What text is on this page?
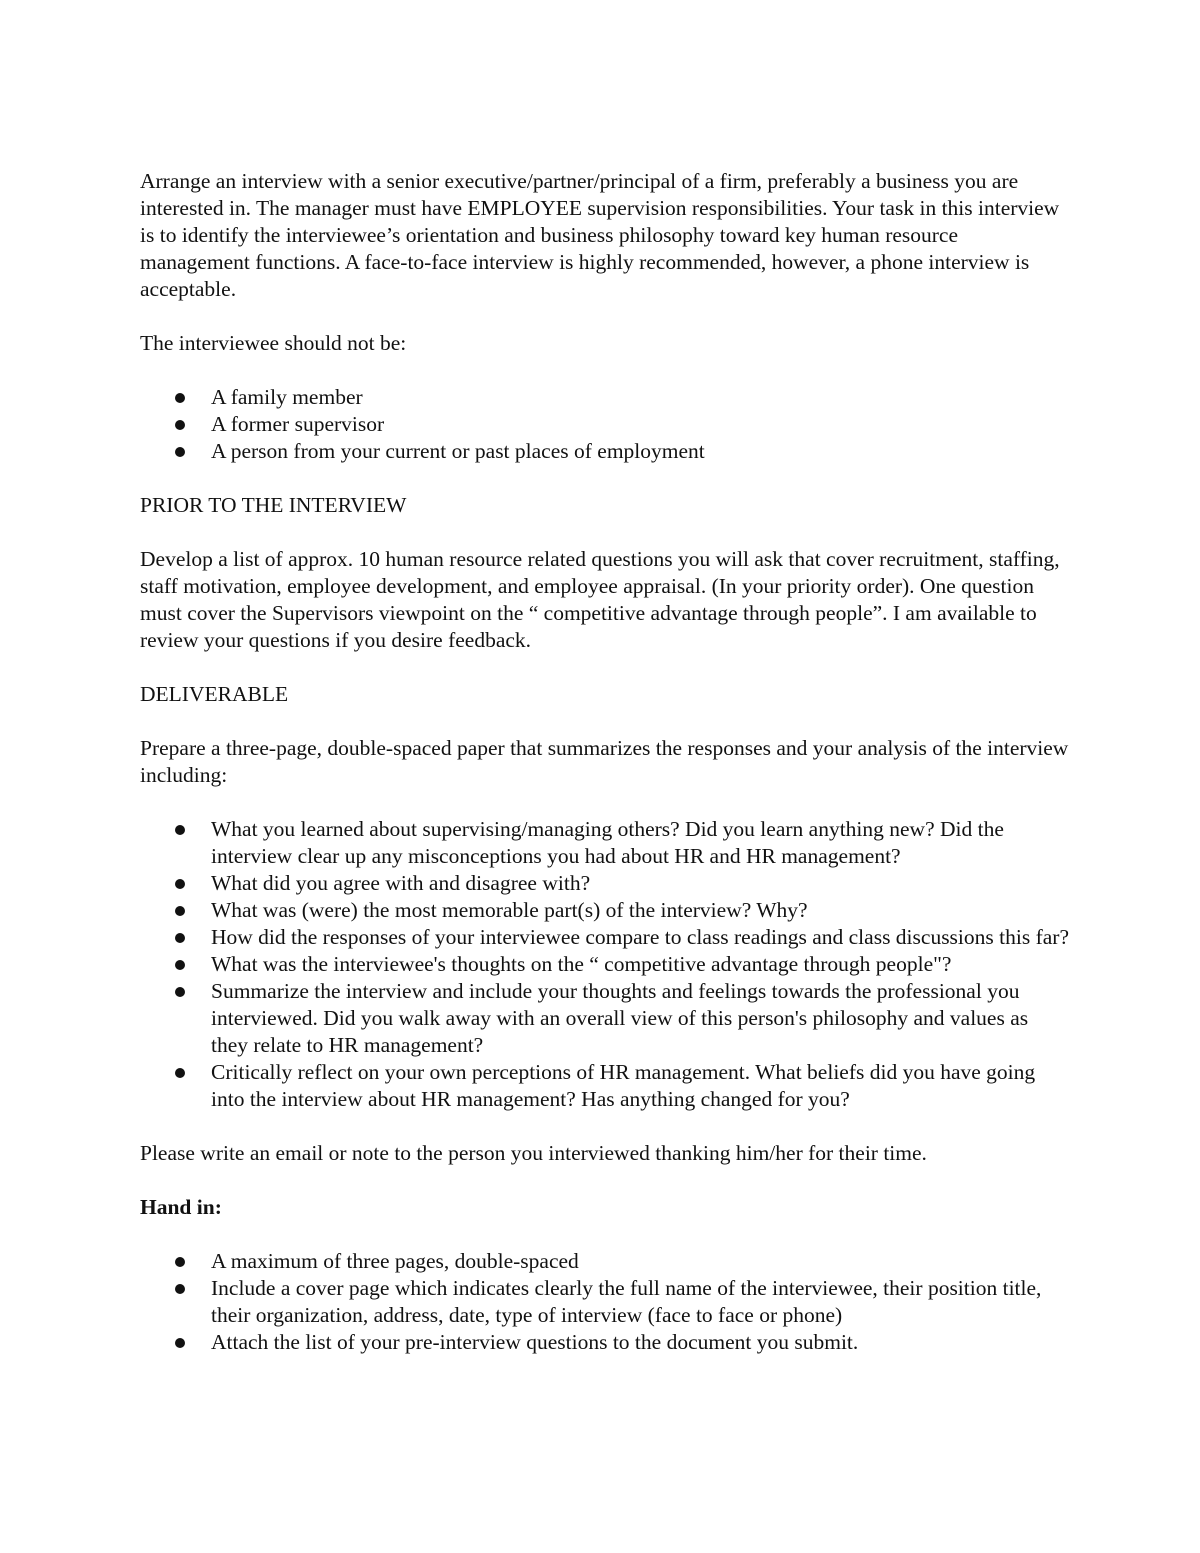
Arrange an interview with a senior executive/partner/principal of a firm, preferably a business you are interested in. The manager must have EMPLOYEE supervision responsibilities. Your task in this interview is to identify the interviewee’s orientation and business philosophy toward key human resource management functions. A face-to-face interview is highly recommended, however, a phone interview is acceptable.

The interviewee should not be:

A family member
A former supervisor
A person from your current or past places of employment

PRIOR TO THE INTERVIEW

Develop a list of approx. 10 human resource related questions you will ask that cover recruitment, staffing, staff motivation, employee development, and employee appraisal. (In your priority order). One question must cover the Supervisors viewpoint on the “ competitive advantage through people”. I am available to review your questions if you desire feedback.

DELIVERABLE

Prepare a three-page, double-spaced paper that summarizes the responses and your analysis of the interview including:

What you learned about supervising/managing others? Did you learn anything new? Did the interview clear up any misconceptions you had about HR and HR management?
What did you agree with and disagree with?
What was (were) the most memorable part(s) of the interview? Why?
How did the responses of your interviewee compare to class readings and class discussions this far?
What was the interviewee's thoughts on the “ competitive advantage through people"?
Summarize the interview and include your thoughts and feelings towards the professional you interviewed. Did you walk away with an overall view of this person's philosophy and values as they relate to HR management?
Critically reflect on your own perceptions of HR management. What beliefs did you have going into the interview about HR management? Has anything changed for you?

Please write an email or note to the person you interviewed thanking him/her for their time.

Hand in:

A maximum of three pages, double-spaced
Include a cover page which indicates clearly the full name of the interviewee, their position title, their organization, address, date, type of interview (face to face or phone)
Attach the list of your pre-interview questions to the document you submit.
